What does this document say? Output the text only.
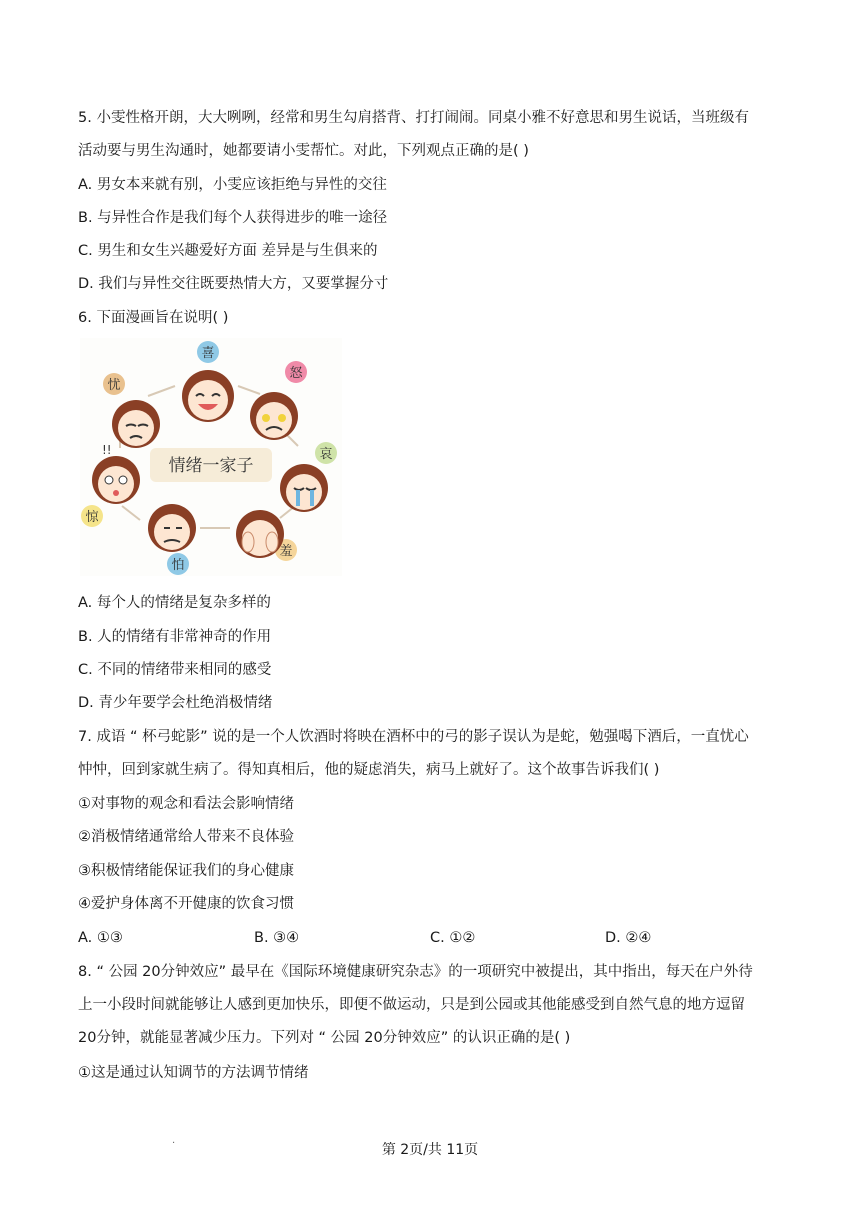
5. 小雯性格开朗，大大咧咧，经常和男生勾肩搭背、打打闹闹。同桌小雅不好意思和男生说话，当班级有
活动要与男生沟通时，她都要请小雯帮忙。对此，下列观点正确的是( )
A. 男女本来就有别，小雯应该拒绝与异性的交往
B. 与异性合作是我们每个人获得进步的唯一途径
C. 男生和女生兴趣爱好方面 差异是与生俱来的
D. 我们与异性交往既要热情大方，又要掌握分寸
6. 下面漫画旨在说明( )
情绪一家子
喜
怒
哀
羞
怕
惊
忧
!!
A. 每个人的情绪是复杂多样的
B. 人的情绪有非常神奇的作用
C. 不同的情绪带来相同的感受
D. 青少年要学会杜绝消极情绪
7. 成语 “ 杯弓蛇影” 说的是一个人饮酒时将映在酒杯中的弓的影子误认为是蛇，勉强喝下酒后，一直忧心
忡忡，回到家就生病了。得知真相后，他的疑虑消失，病马上就好了。这个故事告诉我们( )
①对事物的观念和看法会影响情绪
②消极情绪通常给人带来不良体验
③积极情绪能保证我们的身心健康
④爱护身体离不开健康的饮食习惯
A. ①③	B. ③④	C. ①②	D. ②④
8. “ 公园 20分钟效应” 最早在《国际环境健康研究杂志》的一项研究中被提出，其中指出，每天在户外待
上一小段时间就能够让人感到更加快乐，即便不做运动，只是到公园或其他能感受到自然气息的地方逗留
20分钟，就能显著减少压力。下列对 “ 公园 20分钟效应” 的认识正确的是( )
①这是通过认知调节的方法调节情绪
.
第 2页/共 11页
